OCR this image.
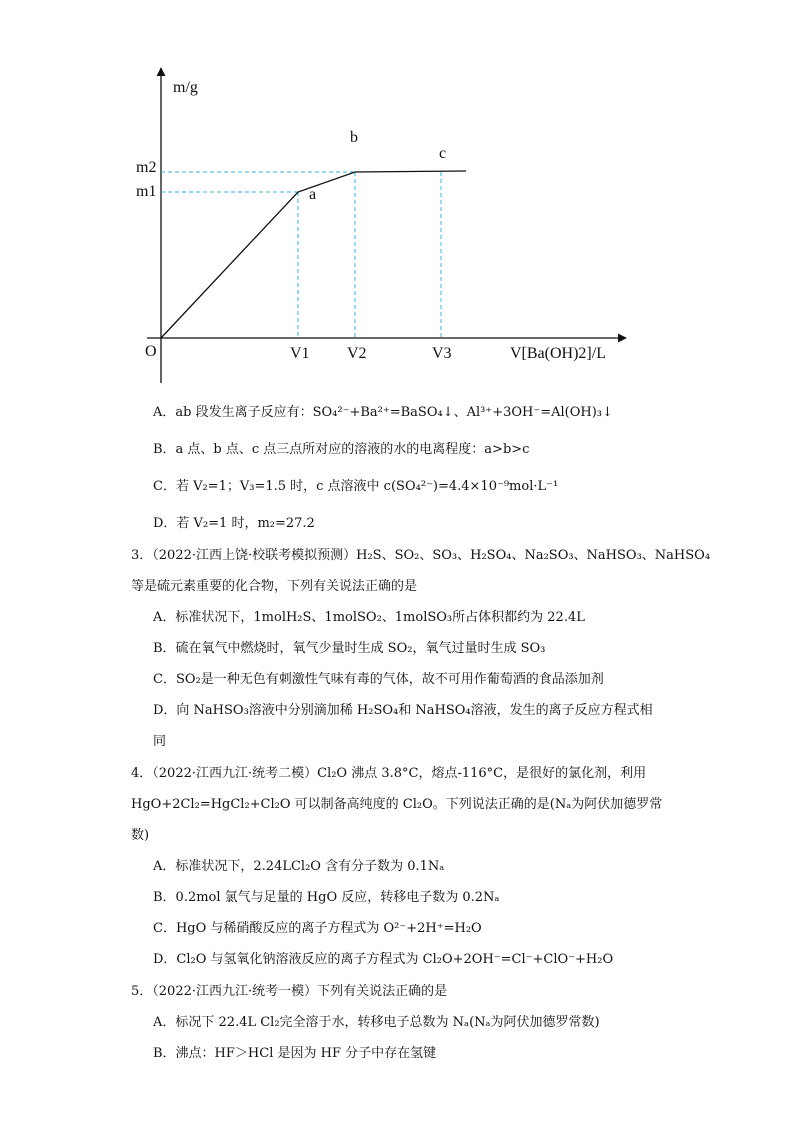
m/g
O
m2
m1
V1 V2	V3	V[Ba(OH)2]/L
a
b
c
A．ab 段发生离子反应有：SO₄²⁻+Ba²⁺=BaSO₄↓、Al³⁺+3OH⁻=Al(OH)₃↓
B．a 点、b 点、c 点三点所对应的溶液的水的电离程度：a>b>c
C．若 V₂=1；V₃=1.5 时，c 点溶液中 c(SO₄²⁻)=4.4×10⁻⁹mol·L⁻¹
D．若 V₂=1 时，m₂=27.2
3．（2022·江西上饶·校联考模拟预测）H₂S、SO₂、SO₃、H₂SO₄、Na₂SO₃、NaHSO₃、NaHSO₄
等是硫元素重要的化合物，下列有关说法正确的是
A．标准状况下，1molH₂S、1molSO₂、1molSO₃所占体积都约为 22.4L
B．硫在氧气中燃烧时，氧气少量时生成 SO₂，氧气过量时生成 SO₃
C．SO₂是一种无色有刺激性气味有毒的气体，故不可用作葡萄酒的食品添加剂
D．向 NaHSO₃溶液中分别滴加稀 H₂SO₄和 NaHSO₄溶液，发生的离子反应方程式相
同
4．（2022·江西九江·统考二模）Cl₂O 沸点 3.8°C，熔点-116°C，是很好的氯化剂，利用
HgO+2Cl₂=HgCl₂+Cl₂O 可以制备高纯度的 Cl₂O。下列说法正确的是(Nₐ为阿伏加德罗常
数)
A．标准状况下，2.24LCl₂O 含有分子数为 0.1Nₐ
B．0.2mol 氯气与足量的 HgO 反应，转移电子数为 0.2Nₐ
C．HgO 与稀硝酸反应的离子方程式为 O²⁻+2H⁺=H₂O
D．Cl₂O 与氢氧化钠溶液反应的离子方程式为 Cl₂O+2OH⁻=Cl⁻+ClO⁻+H₂O
5．（2022·江西九江·统考一模）下列有关说法正确的是
A．标况下 22.4L Cl₂完全溶于水，转移电子总数为 Nₐ(Nₐ为阿伏加德罗常数)
B．沸点：HF＞HCl 是因为 HF 分子中存在氢键
